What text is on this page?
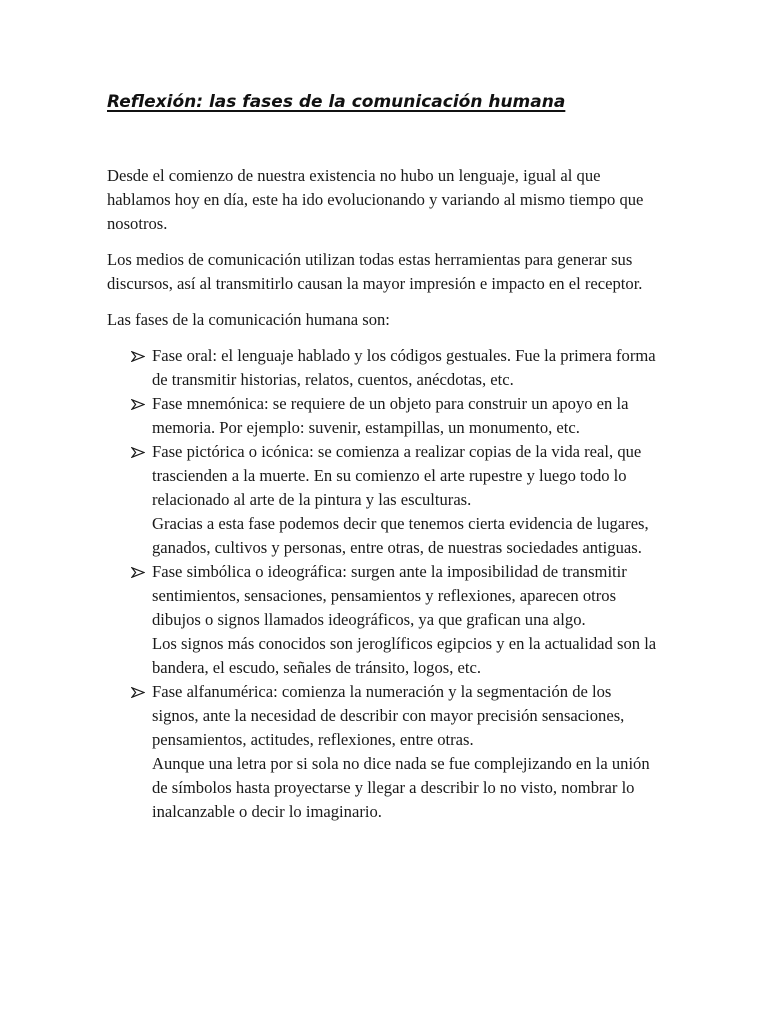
Reflexión: las fases de la comunicación humana

Desde el comienzo de nuestra existencia no hubo un lenguaje, igual al que hablamos hoy en día, este ha ido evolucionando y variando al mismo tiempo que nosotros.

Los medios de comunicación utilizan todas estas herramientas para generar sus discursos, así al transmitirlo causan la mayor impresión e impacto en el receptor.

Las fases de la comunicación humana son:

Fase oral: el lenguaje hablado y los códigos gestuales. Fue la primera forma de transmitir historias, relatos, cuentos, anécdotas, etc.
Fase mnemónica: se requiere de un objeto para construir un apoyo en la memoria. Por ejemplo: suvenir, estampillas, un monumento, etc.
Fase pictórica o icónica: se comienza a realizar copias de la vida real, que trascienden a la muerte. En su comienzo el arte rupestre y luego todo lo relacionado al arte de la pintura y las esculturas.
Gracias a esta fase podemos decir que tenemos cierta evidencia de lugares, ganados, cultivos y personas, entre otras, de nuestras sociedades antiguas.
Fase simbólica o ideográfica: surgen ante la imposibilidad de transmitir sentimientos, sensaciones, pensamientos y reflexiones, aparecen otros dibujos o signos llamados ideográficos, ya que grafican una algo.
Los signos más conocidos son jeroglíficos egipcios y en la actualidad son la bandera, el escudo, señales de tránsito, logos, etc.
Fase alfanumérica: comienza la numeración y la segmentación de los signos, ante la necesidad de describir con mayor precisión sensaciones, pensamientos, actitudes, reflexiones, entre otras.
Aunque una letra por si sola no dice nada se fue complejizando en la unión de símbolos hasta proyectarse y llegar a describir lo no visto, nombrar lo inalcanzable o decir lo imaginario.
